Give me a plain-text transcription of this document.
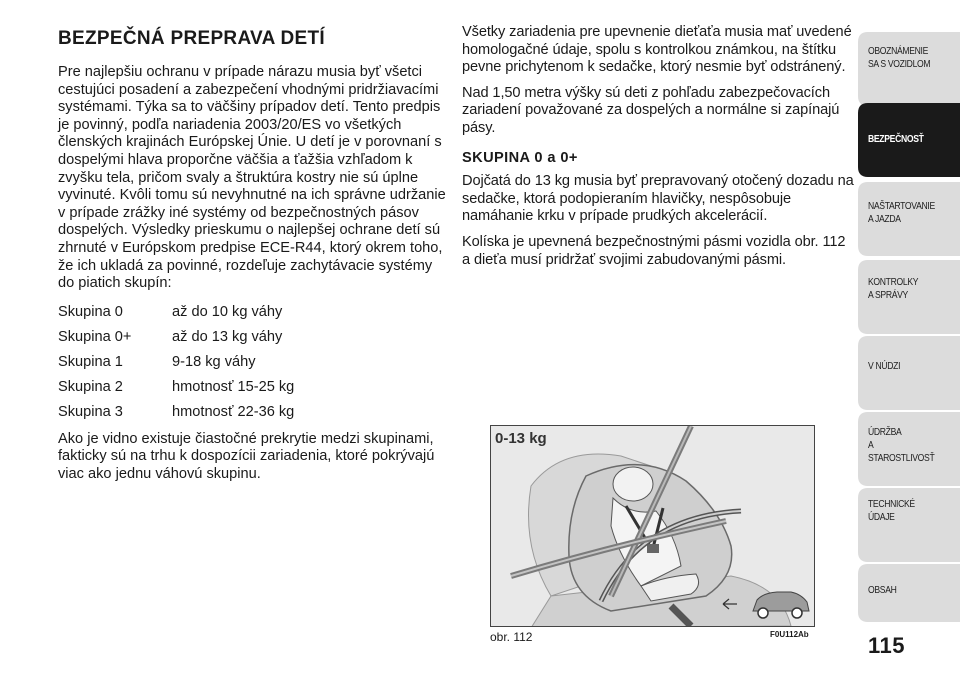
BEZPEČNÁ PREPRAVA DETÍ

Pre najlepšiu ochranu v prípade nárazu musia byť všetci cestujúci posadení a zabezpečení vhodnými pridržiavacími systémami. Týka sa to väčšiny prípadov detí. Tento predpis je povinný, podľa nariadenia 2003/20/ES vo všetkých členských krajinách Európskej Únie. U detí je v porovnaní s dospelými hlava proporčne väčšia a ťažšia vzhľadom k zvyšku tela, pričom svaly a štruktúra kostry nie sú úplne vyvinuté. Kvôli tomu sú nevyhnutné na ich správne udržanie v prípade zrážky iné systémy od bezpečnostných pásov dospelých. Výsledky prieskumu o najlepšej ochrane detí sú zhrnuté v Európskom predpise ECE-R44, ktorý okrem toho, že ich ukladá za povinné, rozdeľuje zachytávacie systémy do piatich skupín:

Skupina 0	až do 10 kg váhy
Skupina 0+	až do 13 kg váhy
Skupina 1	9-18 kg váhy
Skupina 2	hmotnosť 15-25 kg
Skupina 3	hmotnosť 22-36 kg

Ako je vidno existuje čiastočné prekrytie medzi skupinami, fakticky sú na trhu k dospozícii zariadenia, ktoré pokrývajú viac ako jednu váhovú skupinu.

Všetky zariadenia pre upevnenie dieťaťa musia mať uvedené homologačné údaje, spolu s kontrolkou známkou, na štítku pevne prichytenom k sedačke, ktorý nesmie byť odstránený.

Nad 1,50 metra výšky sú deti z pohľadu zabezpečovacích zariadení považované za dospelých a normálne si zapínajú pásy.

SKUPINA 0 a 0+

Dojčatá do 13 kg musia byť prepravovaný otočený dozadu na sedačke, ktorá podopieraním hlavičky, nespôsobuje namáhanie krku v prípade prudkých akcelerácií.

Kolíska je upevnená bezpečnostnými pásmi vozidla obr. 112 a dieťa musí pridržať svojimi zabudovanými pásmi.

0-13 kg
obr. 112	F0U112Ab
OBOZNÁMENIE
SA S VOZIDLOM
BEZPEČNOSŤ
NAŠTARTOVANIE
A JAZDA
KONTROLKY
A SPRÁVY
V NÚDZI
ÚDRŽBA
A STAROSTLIVOSŤ
TECHNICKÉ
ÚDAJE
OBSAH
115
